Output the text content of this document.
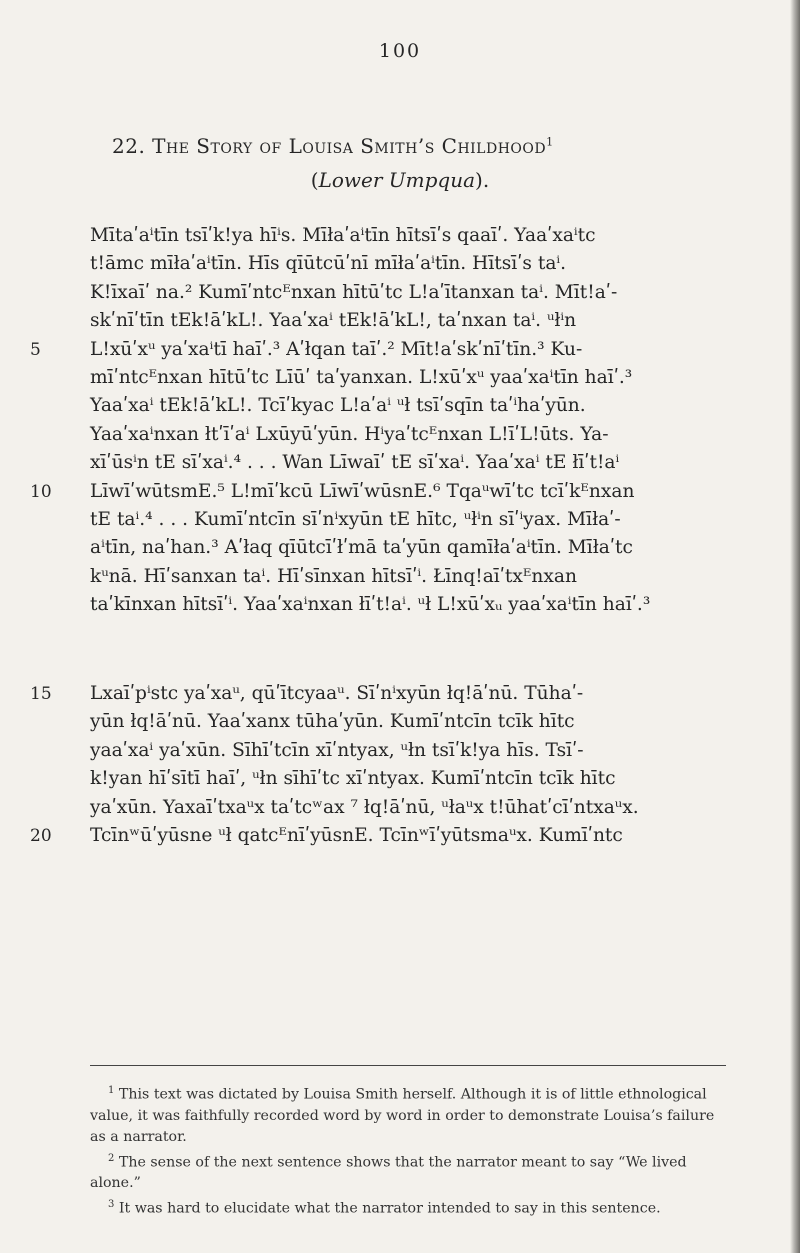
100
22. The Story of Louisa Smith’s Childhood$^1$
(Lower Umpqua).
Mītaʹaⁱtīn tsīʹk!ya hīⁱs. Mīłaʹaⁱtīn hītsīʹs qaaīʹ. Yaaʹxaⁱtc
t!āmc mīłaʹaⁱtīn. Hīs qīūtcūʹnī mīłaʹaⁱtīn. Hītsīʹs taⁱ.
K!īxaīʹ na.² Kumīʹntcᴱnxan hītūʹtc L!aʹītanxan taⁱ. Mīt!aʹ-
skʹnīʹtīn tEk!āʹkL!. Yaaʹxaⁱ tEk!āʹkL!, taʹnxan taⁱ. ᵘłⁱn
5	L!xūʹxᵘ yaʹxaⁱtī haīʹ.³ Aʹłqan taīʹ.² Mīt!aʹskʹnīʹtīn.³ Ku-
mīʹntcᴱnxan hītūʹtc Līūʹ taʹyanxan. L!xūʹxᵘ yaaʹxaⁱtīn haīʹ.³
Yaaʹxaⁱ tEk!āʹkL!. Tcīʹkyac L!aʹaⁱ ᵘł tsīʹsqīn taʹⁱhaʹyūn.
Yaaʹxaⁱnxan łtʹīʹaⁱ Lxūyūʹyūn. Hⁱyaʹtcᴱnxan L!īʹL!ūts. Ya-
xīʹūsⁱn tE sīʹxaⁱ.⁴ . . . Wan Līwaīʹ tE sīʹxaⁱ. Yaaʹxaⁱ tE łīʹt!aⁱ
10	LīwīʹwūtsmE.⁵ L!mīʹkcū LīwīʹwūsnE.⁶ Tqaᵘwīʹtc tcīʹkᴱnxan
tE taⁱ.⁴ . . . Kumīʹntcīn sīʹnⁱxyūn tE hītc, ᵘłⁱn sīʹⁱyax. Mīłaʹ-
aⁱtīn, naʹhan.³ Aʹłaq qīūtcīʹłʹmā taʹyūn qamīłaʹaⁱtīn. Mīłaʹtc
kᵘnā. Hīʹsanxan taⁱ. Hīʹsīnxan hītsīʹⁱ. Łīnq!aīʹtxᴱnxan
taʹkīnxan hītsīʹⁱ. Yaaʹxaⁱnxan łīʹt!aⁱ. ᵘł L!xūʹxᵤ yaaʹxaⁱtīn haīʹ.³
15	Lxaīʹpⁱstc yaʹxaᵘ, qūʹītcyaaᵘ. Sīʹnⁱxyūn łq!āʹnū. Tūhaʹ-
yūn łq!āʹnū. Yaaʹxanx tūhaʹyūn. Kumīʹntcīn tcīk hītc
yaaʹxaⁱ yaʹxūn. Sīhīʹtcīn xīʹntyax, ᵘłn tsīʹk!ya hīs. Tsīʹ-
k!yan hīʹsītī haīʹ, ᵘłn sīhīʹtc xīʹntyax. Kumīʹntcīn tcīk hītc
yaʹxūn. Yaxaīʹtxaᵘx taʹtcʷax ⁷ łq!āʹnū, ᵘłaᵘx t!ūhatʹcīʹntxaᵘx.
20	Tcīnʷūʹyūsne ᵘł qatcᴱnīʹyūsnE. Tcīnʷīʹyūtsmaᵘx. Kumīʹntc

$^1$ This text was dictated by Louisa Smith herself. Although it is of little ethnological value, it was faithfully recorded word by word in order to demonstrate Louisa’s failure as a narrator.

$^2$ The sense of the next sentence shows that the narrator meant to say “We lived alone.”

$^3$ It was hard to elucidate what the narrator intended to say in this sentence.
